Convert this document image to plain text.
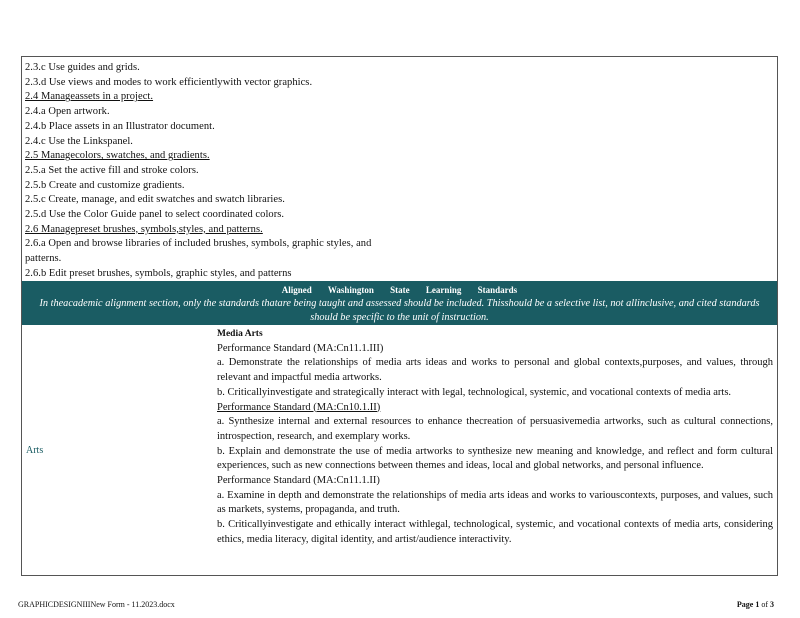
2.3.c Use guides and grids.
2.3.d Use views and modes to work efficientlywith vector graphics.
2.4 Manageassets in a project.
2.4.a Open artwork.
2.4.b Place assets in an Illustrator document.
2.4.c Use the Linkspanel.
2.5 Managecolors, swatches, and gradients.
2.5.a Set the active fill and stroke colors.
2.5.b Create and customize gradients.
2.5.c Create, manage, and edit swatches and swatch libraries.
2.5.d Use the Color Guide panel to select coordinated colors.
2.6 Managepreset brushes, symbols,styles, and patterns.
2.6.a Open and browse libraries of included brushes, symbols, graphic styles, and patterns.
2.6.b Edit preset brushes, symbols, graphic styles, and patterns
Aligned Washington State Learning Standards
In theacademic alignment section, only the standards thatare being taught and assessed should be included. Thisshould be a selective list, not allinclusive, and cited standards should be specific to the unit of instruction.
Arts
Media Arts
Performance Standard (MA:Cn11.1.III)
a. Demonstrate the relationships of media arts ideas and works to personal and global contexts,purposes, and values, through relevant and impactful media artworks.
b. Criticallyinvestigate and strategically interact with legal, technological, systemic, and vocational contexts of media arts.
Performance Standard (MA:Cn10.1.II)
a. Synthesize internal and external resources to enhance thecreation of persuasivemedia artworks, such as cultural connections, introspection, research, and exemplary works.
b. Explain and demonstrate the use of media artworks to synthesize new meaning and knowledge, and reflect and form cultural experiences, such as new connections between themes and ideas, local and global networks, and personal influence.
Performance Standard (MA:Cn11.1.II)
a. Examine in depth and demonstrate the relationships of media arts ideas and works to variouscontexts, purposes, and values, such as markets, systems, propaganda, and truth.
b. Criticallyinvestigate and ethically interact withlegal, technological, systemic, and vocational contexts of media arts, considering ethics, media literacy, digital identity, and artist/audience interactivity.
GRAPHICDESIGNIIINew Form - 11.2023.docx	Page 1 of 3
